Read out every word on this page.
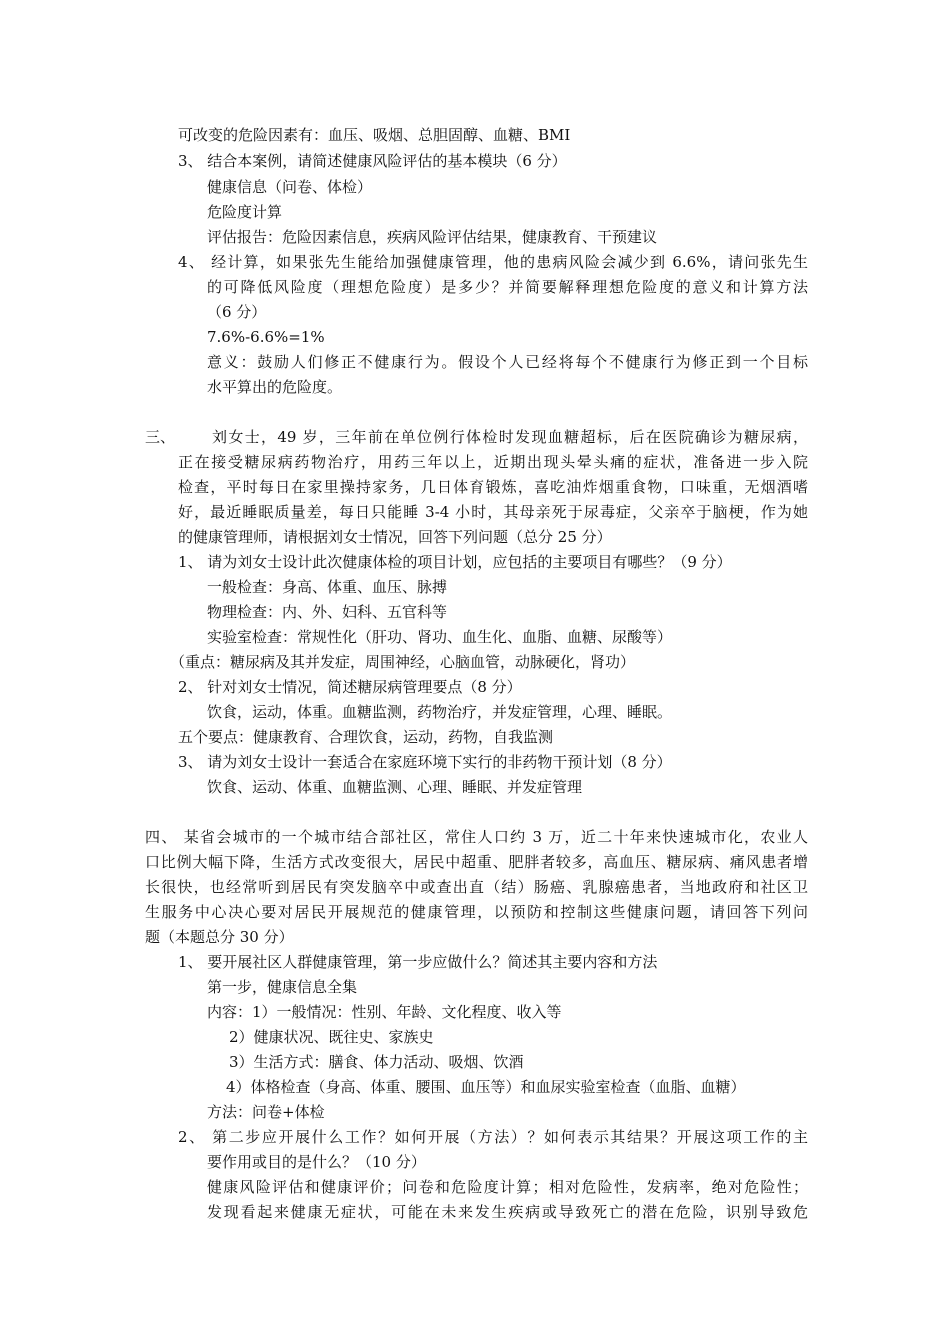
可改变的危险因素有：血压、吸烟、总胆固醇、血糖、BMI
3、 结合本案例，请简述健康风险评估的基本模块（6 分）
健康信息（问卷、体检）
危险度计算
评估报告：危险因素信息，疾病风险评估结果，健康教育、干预建议
4、 经计算，如果张先生能给加强健康管理，他的患病风险会减少到 6.6%，请问张先生
的可降低风险度（理想危险度）是多少？并简要解释理想危险度的意义和计算方法
（6 分）
7.6%-6.6%=1%
意义：鼓励人们修正不健康行为。假设个人已经将每个不健康行为修正到一个目标
水平算出的危险度。
三、 刘女士，49 岁，三年前在单位例行体检时发现血糖超标，后在医院确诊为糖尿病，
正在接受糖尿病药物治疗，用药三年以上，近期出现头晕头痛的症状，准备进一步入院
检查，平时每日在家里操持家务，几日体育锻炼，喜吃油炸烟重食物，口味重，无烟酒嗜
好，最近睡眠质量差，每日只能睡 3-4 小时，其母亲死于尿毒症，父亲卒于脑梗，作为她
的健康管理师，请根据刘女士情况，回答下列问题（总分 25 分）
1、 请为刘女士设计此次健康体检的项目计划，应包括的主要项目有哪些？（9 分）
一般检查：身高、体重、血压、脉搏
物理检查：内、外、妇科、五官科等
实验室检查：常规性化（肝功、肾功、血生化、血脂、血糖、尿酸等）
（重点：糖尿病及其并发症，周围神经，心脑血管，动脉硬化，肾功）
2、 针对刘女士情况，简述糖尿病管理要点（8 分）
饮食，运动，体重。血糖监测，药物治疗，并发症管理，心理、睡眠。
五个要点：健康教育、合理饮食，运动，药物，自我监测
3、 请为刘女士设计一套适合在家庭环境下实行的非药物干预计划（8 分）
饮食、运动、体重、血糖监测、心理、睡眠、并发症管理
四、 某省会城市的一个城市结合部社区，常住人口约 3 万，近二十年来快速城市化，农业人
口比例大幅下降，生活方式改变很大，居民中超重、肥胖者较多，高血压、糖尿病、痛风患者增
长很快，也经常听到居民有突发脑卒中或查出直（结）肠癌、乳腺癌患者，当地政府和社区卫
生服务中心决心要对居民开展规范的健康管理，以预防和控制这些健康问题，请回答下列问
题（本题总分 30 分）
1、 要开展社区人群健康管理，第一步应做什么？简述其主要内容和方法
第一步，健康信息全集
内容：1）一般情况：性别、年龄、文化程度、收入等
2）健康状况、既往史、家族史
3）生活方式：膳食、体力活动、吸烟、饮酒
4）体格检查（身高、体重、腰围、血压等）和血尿实验室检查（血脂、血糖）
方法：问卷+体检
2、 第二步应开展什么工作？如何开展（方法）？如何表示其结果？开展这项工作的主
要作用或目的是什么？（10 分）
健康风险评估和健康评价；问卷和危险度计算；相对危险性，发病率，绝对危险性；
发现看起来健康无症状，可能在未来发生疾病或导致死亡的潜在危险，识别导致危
